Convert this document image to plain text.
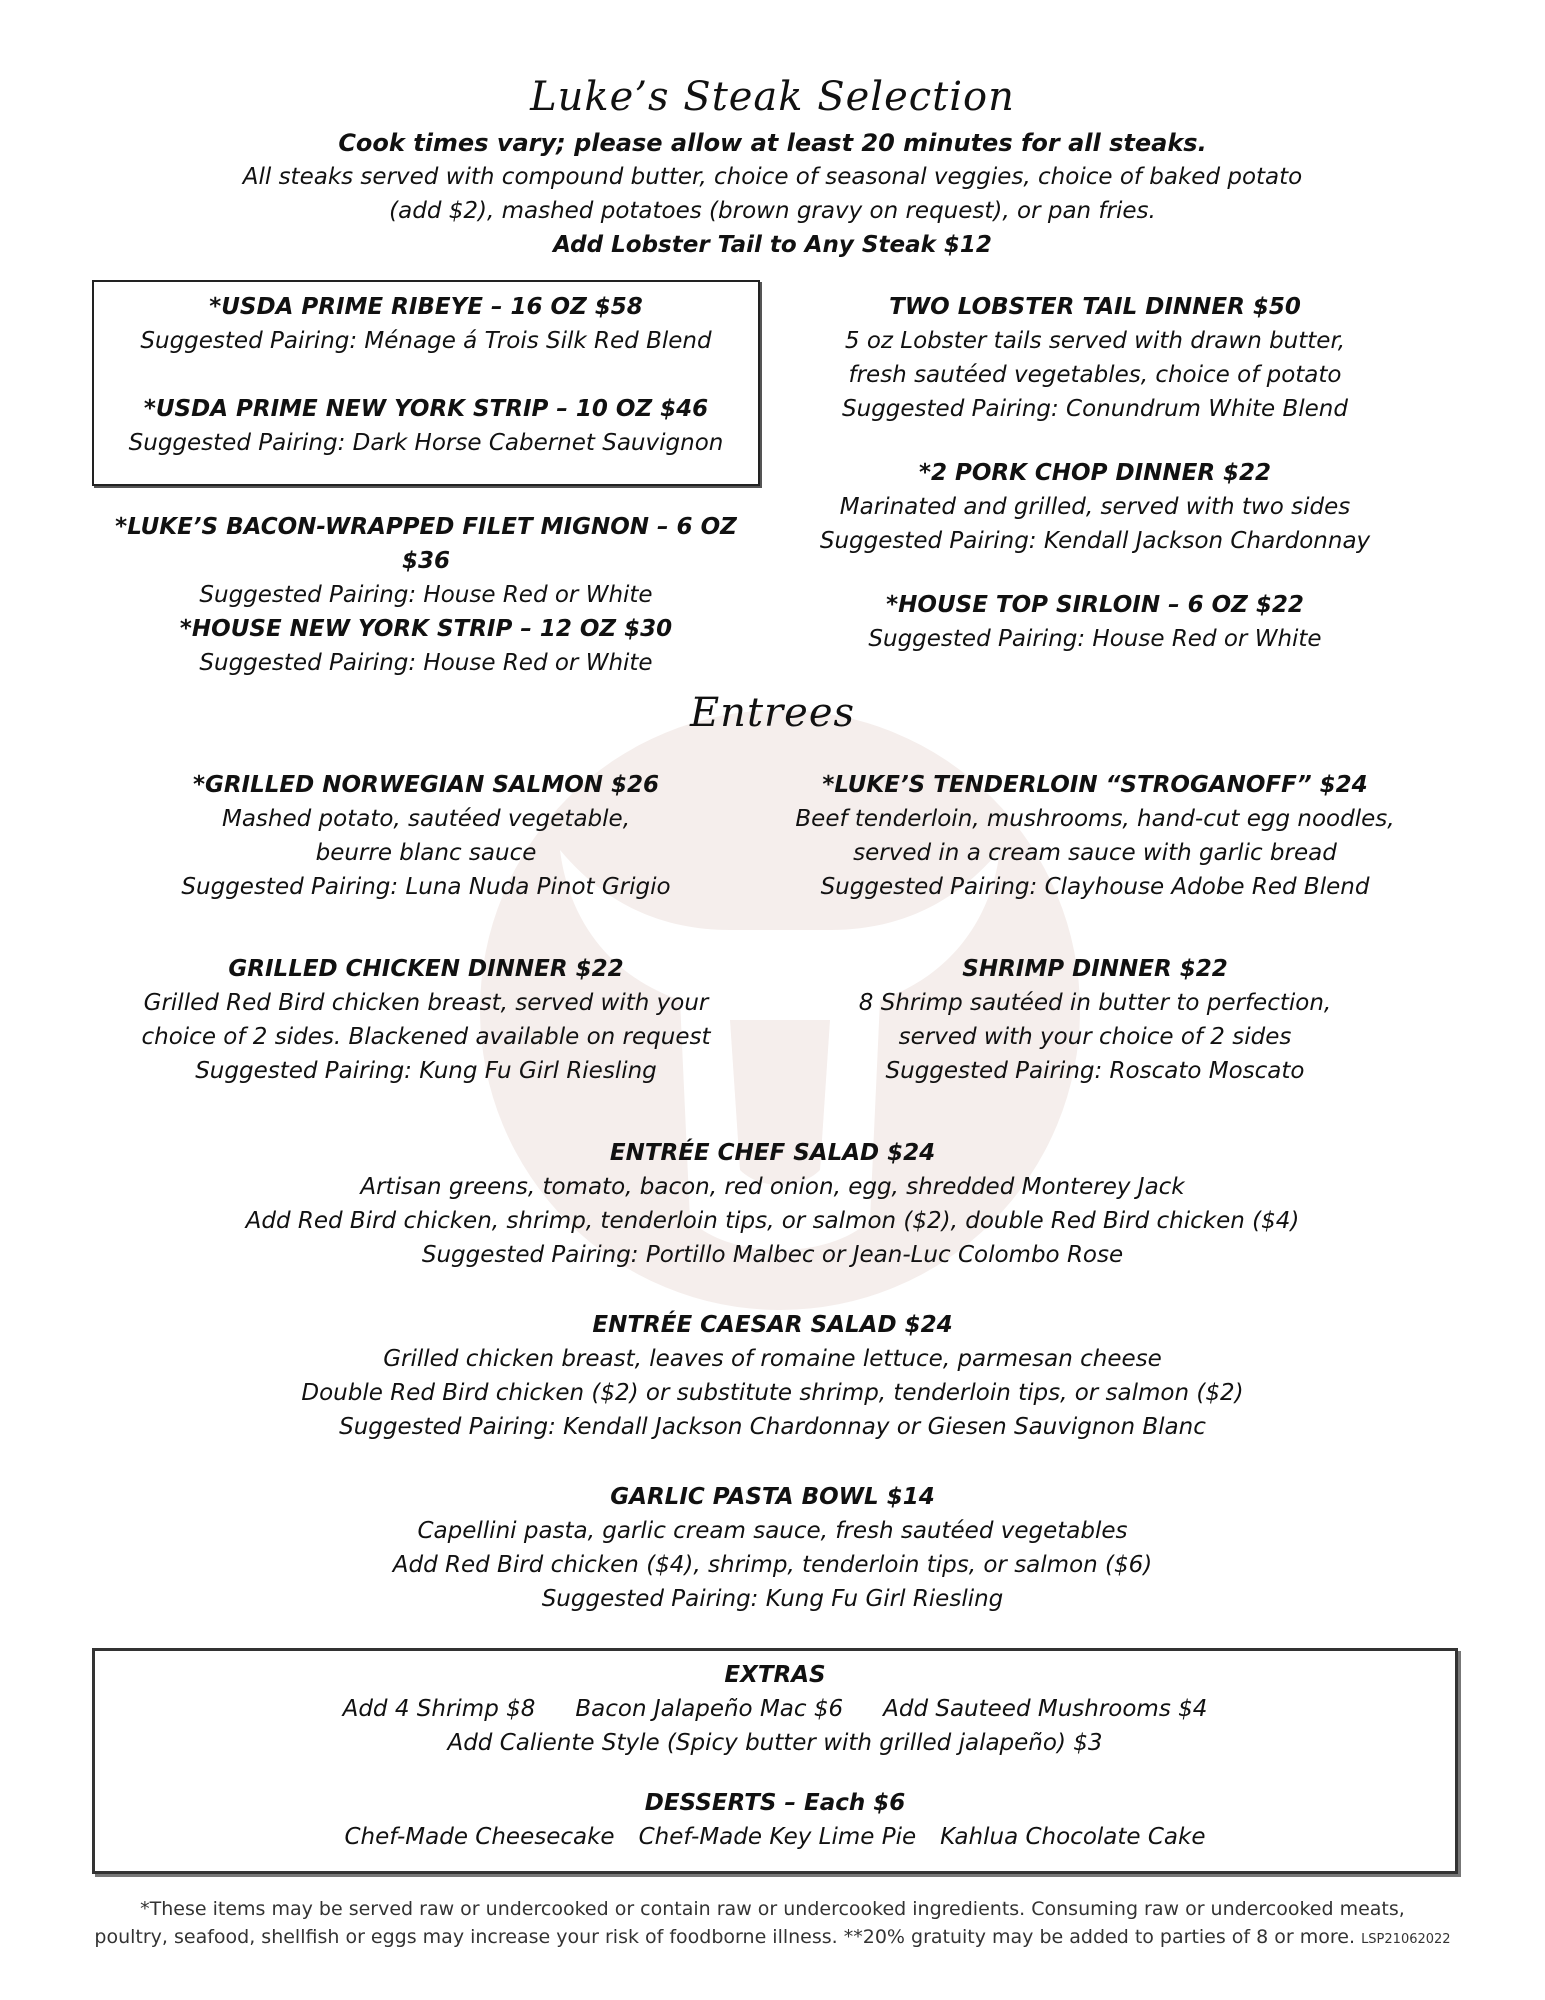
Luke’s Steak Selection
Cook times vary; please allow at least 20 minutes for all steaks.
All steaks served with compound butter, choice of seasonal veggies, choice of baked potato
(add $2), mashed potatoes (brown gravy on request), or pan fries.
Add Lobster Tail to Any Steak $12
*USDA PRIME RIBEYE – 16 OZ $58
Suggested Pairing: Ménage á Trois Silk Red Blend
*USDA PRIME NEW YORK STRIP – 10 OZ $46
Suggested Pairing: Dark Horse Cabernet Sauvignon
*LUKE’S BACON-WRAPPED FILET MIGNON – 6 OZ $36
Suggested Pairing: House Red or White
*HOUSE NEW YORK STRIP – 12 OZ $30
Suggested Pairing: House Red or White
TWO LOBSTER TAIL DINNER $50
5 oz Lobster tails served with drawn butter,
fresh sautéed vegetables, choice of potato
Suggested Pairing: Conundrum White Blend
*2 PORK CHOP DINNER $22
Marinated and grilled, served with two sides
Suggested Pairing: Kendall Jackson Chardonnay
*HOUSE TOP SIRLOIN – 6 OZ $22
Suggested Pairing: House Red or White
Entrees
*GRILLED NORWEGIAN SALMON $26
Mashed potato, sautéed vegetable,
beurre blanc sauce
Suggested Pairing: Luna Nuda Pinot Grigio
GRILLED CHICKEN DINNER $22
Grilled Red Bird chicken breast, served with your
choice of 2 sides. Blackened available on request
Suggested Pairing: Kung Fu Girl Riesling
*LUKE’S TENDERLOIN “STROGANOFF” $24
Beef tenderloin, mushrooms, hand-cut egg noodles,
served in a cream sauce with garlic bread
Suggested Pairing: Clayhouse Adobe Red Blend
SHRIMP DINNER $22
8 Shrimp sautéed in butter to perfection,
served with your choice of 2 sides
Suggested Pairing: Roscato Moscato
ENTRÉE CHEF SALAD $24
Artisan greens, tomato, bacon, red onion, egg, shredded Monterey Jack
Add Red Bird chicken, shrimp, tenderloin tips, or salmon ($2), double Red Bird chicken ($4)
Suggested Pairing: Portillo Malbec or Jean-Luc Colombo Rose
ENTRÉE CAESAR SALAD $24
Grilled chicken breast, leaves of romaine lettuce, parmesan cheese
Double Red Bird chicken ($2) or substitute shrimp, tenderloin tips, or salmon ($2)
Suggested Pairing: Kendall Jackson Chardonnay or Giesen Sauvignon Blanc
GARLIC PASTA BOWL $14
Capellini pasta, garlic cream sauce, fresh sautéed vegetables
Add Red Bird chicken ($4), shrimp, tenderloin tips, or salmon ($6)
Suggested Pairing: Kung Fu Girl Riesling
EXTRAS
Add 4 Shrimp $8 Bacon Jalapeño Mac $6 Add Sauteed Mushrooms $4
Add Caliente Style (Spicy butter with grilled jalapeño) $3
DESSERTS – Each $6
Chef-Made Cheesecake Chef-Made Key Lime Pie Kahlua Chocolate Cake
*These items may be served raw or undercooked or contain raw or undercooked ingredients. Consuming raw or undercooked meats,
poultry, seafood, shellfish or eggs may increase your risk of foodborne illness. **20% gratuity may be added to parties of 8 or more. LSP21062022
